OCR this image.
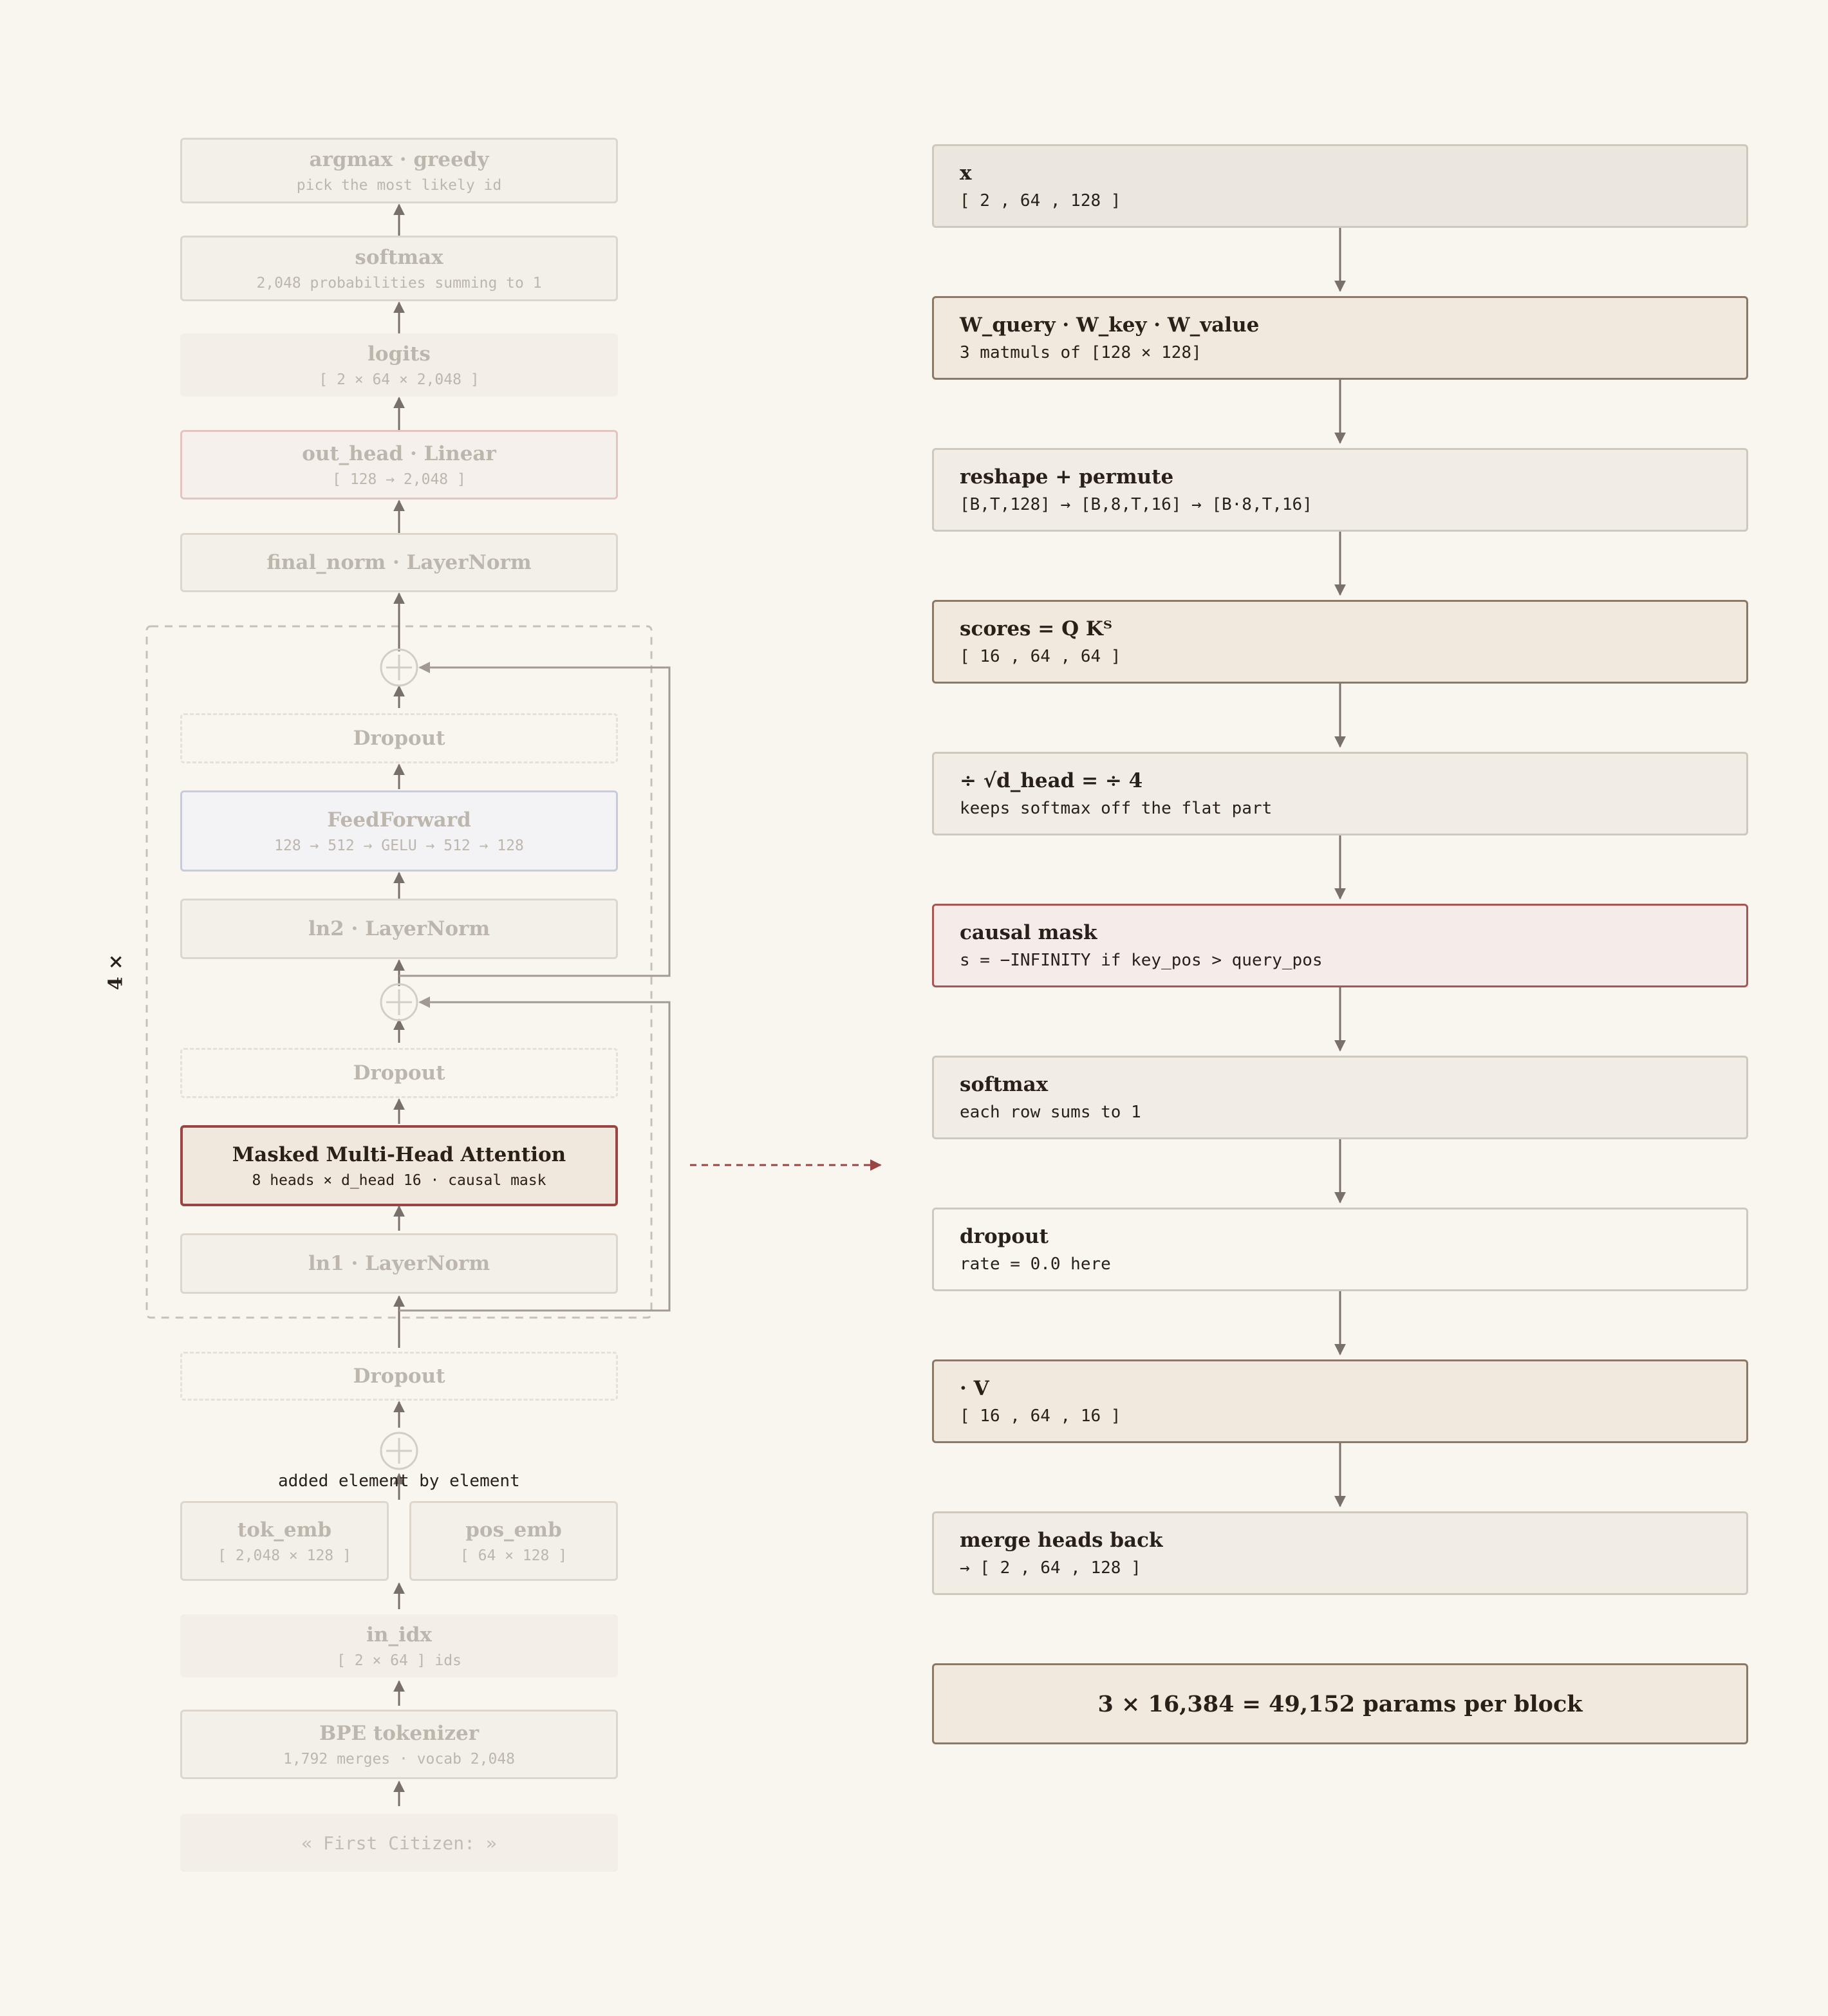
argmax · greedy
pick the most likely id
softmax
2,048 probabilities summing to 1
logits
[ 2 × 64 × 2,048 ]
out_head · Linear
[ 128 → 2,048 ]
final_norm · LayerNorm
Dropout
FeedForward
128 → 512 → GELU → 512 → 128
ln2 · LayerNorm
Dropout
Masked Multi-Head Attention
8 heads × d_head 16 · causal mask
ln1 · LayerNorm
4 ×
Dropout
added element by element
tok_emb
[ 2,048 × 128 ]
pos_emb
[ 64 × 128 ]
in_idx
[ 2 × 64 ] ids
BPE tokenizer
1,792 merges · vocab 2,048
« First Citizen: »
x
[ 2 , 64 , 128 ]
W_query · W_key · W_value
3 matmuls of [128 × 128]
reshape + permute
[B,T,128] → [B,8,T,16] → [B·8,T,16]
scores = Q Kᵀ
[ 16 , 64 , 64 ]
÷ √d_head = ÷ 4
keeps softmax off the flat part
causal mask
s = −INFINITY if key_pos > query_pos
softmax
each row sums to 1
dropout
rate = 0.0 here
· V
[ 16 , 64 , 16 ]
merge heads back
→ [ 2 , 64 , 128 ]
3 × 16,384 = 49,152 params per block
